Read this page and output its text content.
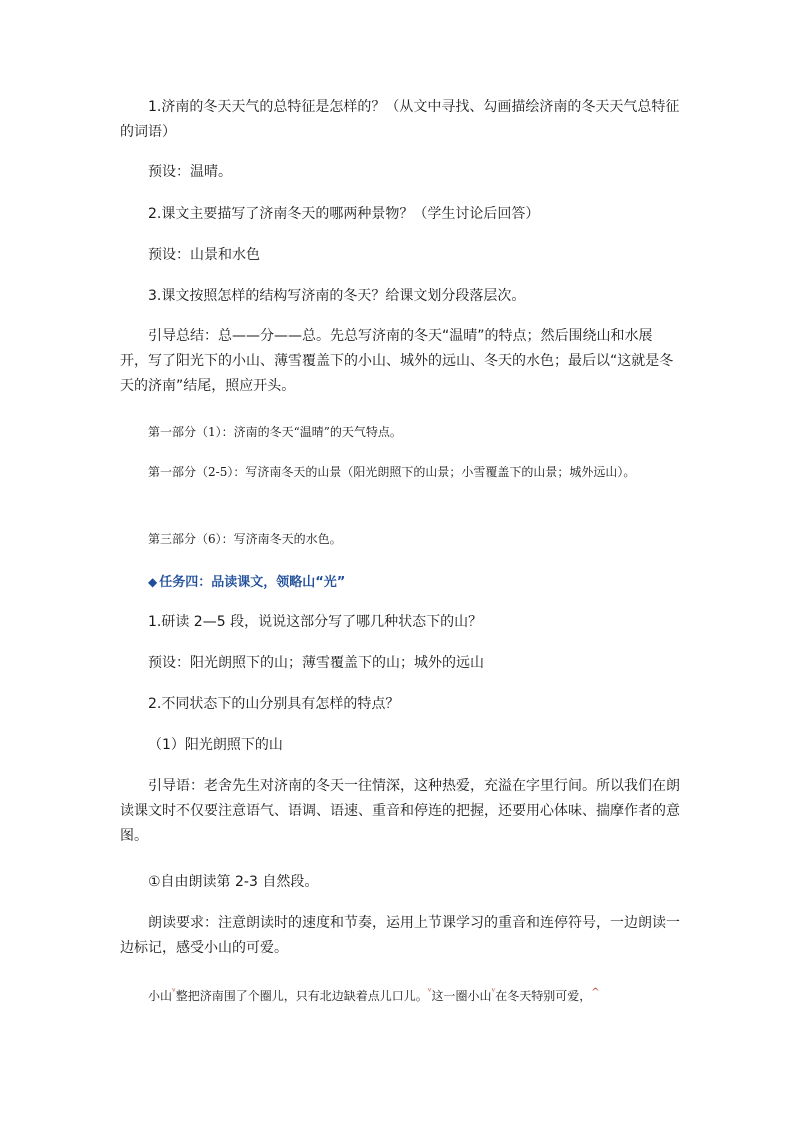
1.济南的冬天天气的总特征是怎样的？（从文中寻找、勾画描绘济南的冬天天气总特征的词语）

预设：温晴。

2.课文主要描写了济南冬天的哪两种景物？（学生讨论后回答）

预设：山景和水色

3.课文按照怎样的结构写济南的冬天？给课文划分段落层次。

引导总结：总——分——总。先总写济南的冬天“温晴”的特点；然后围绕山和水展开，写了阳光下的小山、薄雪覆盖下的小山、城外的远山、冬天的水色；最后以“这就是冬天的济南”结尾，照应开头。

第一部分（1）：济南的冬天“温晴”的天气特点。

第一部分（2-5）：写济南冬天的山景（阳光朗照下的山景；小雪覆盖下的山景；城外远山）。

第三部分（6）：写济南冬天的水色。

◆ 任务四：品读课文，领略山“光”

1.研读 2—5 段，说说这部分写了哪几种状态下的山？

预设：阳光朗照下的山；薄雪覆盖下的山；城外的远山

2.不同状态下的山分别具有怎样的特点？

（1）阳光朗照下的山

引导语：老舍先生对济南的冬天一往情深，这种热爱，充溢在字里行间。所以我们在朗读课文时不仅要注意语气、语调、语速、重音和停连的把握，还要用心体味、揣摩作者的意图。

①自由朗读第 2-3 自然段。

朗读要求：注意朗读时的速度和节奏，运用上节课学习的重音和连停符号，一边朗读一边标记，感受小山的可爱。

小山$^ᵛ$整把济南围了个圈儿，只有北边缺着点儿口儿。$^ᵛ$这一圈小山$^ᵛ$在冬天特别可爱，^
